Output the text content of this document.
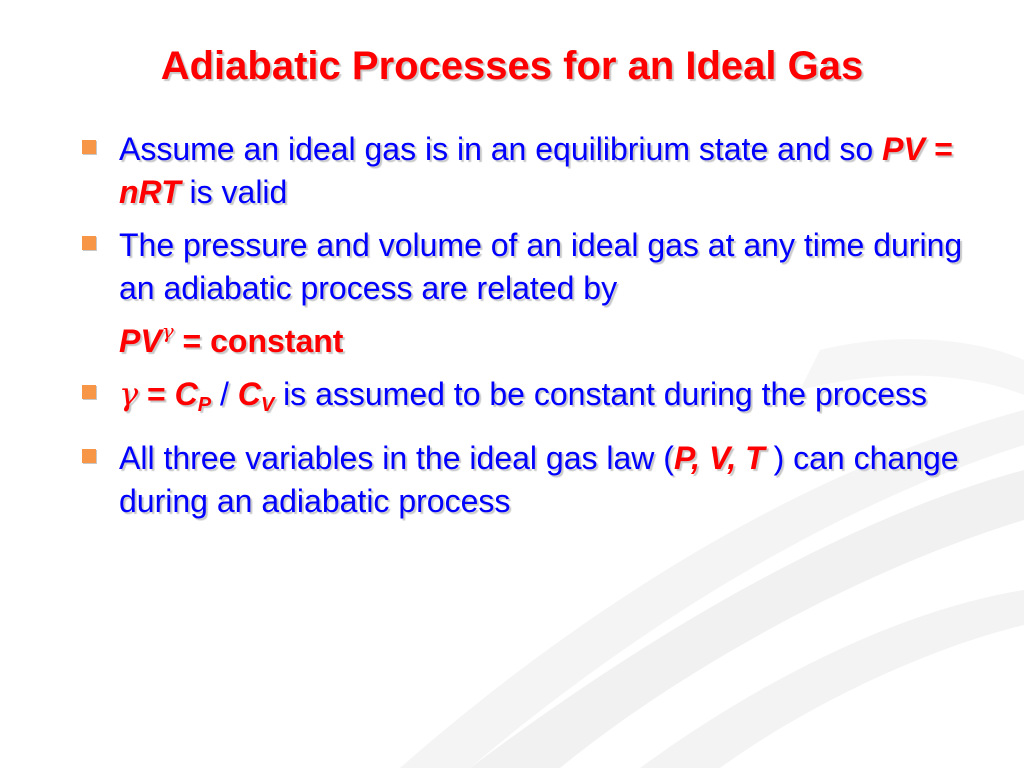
Adiabatic Processes for an Ideal Gas
Assume an ideal gas is in an equilibrium state and so PV = nRT is valid
The pressure and volume of an ideal gas at any time during an adiabatic process are related by
$PV^\gamma$ = constant
$\gamma = C_P / C_V$ is assumed to be constant during the process
All three variables in the ideal gas law (P, V, T ) can change during an adiabatic process
